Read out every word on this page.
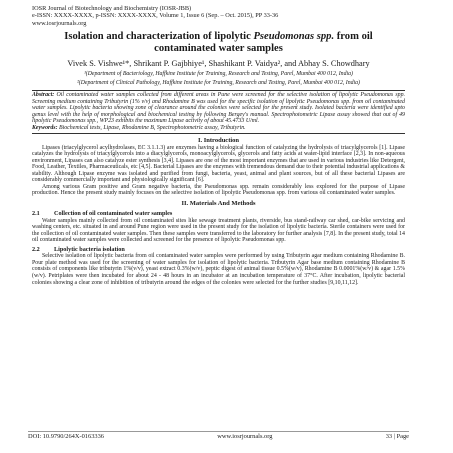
IOSR Journal of Biotechnology and Biochemistry (IOSR-JBB)
e-ISSN: XXXX-XXXX, p-ISSN: XXXX-XXXX, Volume 1, Issue 6 (Sep. – Oct. 2015), PP 33-36
www.iosrjournals.org
Isolation and characterization of lipolytic Pseudomonas spp. from oil contaminated water samples
Vivek S. Vishwe¹*, Shrikant P. Gajbhiye¹, Shashikant P. Vaidya², and Abhay S. Chowdhary
¹(Department of Bacteriology, Haffkine Institute for Training, Research and Testing, Parel, Mumbai 400 012, India)
²(Department of Clinical Pathology, Haffkine Institute for Training, Research and Testing, Parel, Mumbai 400 012, India)
Abstract: Oil contaminated water samples collected from different areas in Pune were screened for the selective isolation of lipolytic Pseudomonas spp. Screening medium containing Tributyrin (1% v/v) and Rhodamine B was used for the specific isolation of lipolytic Pseudomonas spp. from oil contaminated water samples. Lipolytic bacteria showing zone of clearance around the colonies were selected for the present study. Isolated bacteria were identified upto genus level with the help of morphological and biochemical testing by following Bergey's manual. Spectrophotometric Lipase assay showed that out of 49 lipolytic Pseudomonas spp., WP23 exhibits the maximum Lipase activity of about 45.4733 U/ml.
Keywords: Biochemical tests, Lipase, Rhodamine B, Spectrophotometric assay, Tributyrin.
I. Introduction

Lipases (triacylglycerol acylhydrolases, EC 3.1.1.3) are enzymes having a biological function of catalyzing the hydrolysis of triacylglycerols [1]. Lipase catalyzes the hydrolysis of triacylglycerols into a diacylglycerols, monoacylglycerols, glycerols and fatty acids at water-lipid interface [2,3]. In non-aqueous environment, Lipases can also catalyze ester synthesis [3,4]. Lipases are one of the most important enzymes that are used in various industries like Detergent, Food, Leather, Textiles, Pharmaceuticals, etc [4,5]. Bacterial Lipases are the enzymes with tremendous demand due to their potential industrial applications & stability. Although Lipase enzyme was isolated and purified from fungi, bacteria, yeast, animal and plant sources, but of all these bacterial Lipases are considerably commercially important and physiologically significant [6].

Among various Gram positive and Gram negative bacteria, the Pseudomonas spp. remain considerably less explored for the purpose of Lipase production. Hence the present study mainly focuses on the selective isolation of lipolytic Pseudomonas spp. from various oil contaminated water samples.

II. Materials And Methods
2.1 Collection of oil contaminated water samples

Water samples mainly collected from oil contaminated sites like sewage treatment plants, riverside, bus stand-railway car shed, car-bike servicing and washing centers, etc. situated in and around Pune region were used in the present study for the isolation of lipolytic bacteria. Sterile containers were used for the collection of oil contaminated water samples. Then these samples were transferred to the laboratory for further analysis [7,8]. In the present study, total 14 oil contaminated water samples were collected and screened for the presence of lipolytic Pseudomonas spp.

2.2 Lipolytic bacteria isolation

Selective isolation of lipolytic bacteria from oil contaminated water samples were performed by using Tributyrin agar medium containing Rhodamine B. Pour plate method was used for the screening of water samples for isolation of lipolytic bacteria. Tributyrin Agar base medium containing Rhodamine B consists of components like tributyrin 1%(v/v), yeast extract 0.3%(w/v), peptic digest of animal tissue 0.5%(w/v), Rhodamine B 0.0001%(w/v) & agar 1.5%(w/v). Petriplates were then incubated for about 24 - 48 hours in an incubator at an incubation temperature of 37°C. After incubation, lipolytic bacterial colonies showing a clear zone of inhibition of tributyrin around the edges of the colonies were selected for the further studies [9,10,11,12].

DOI: 10.9790/264X-0163336	www.iosrjournals.org	33 | Page
